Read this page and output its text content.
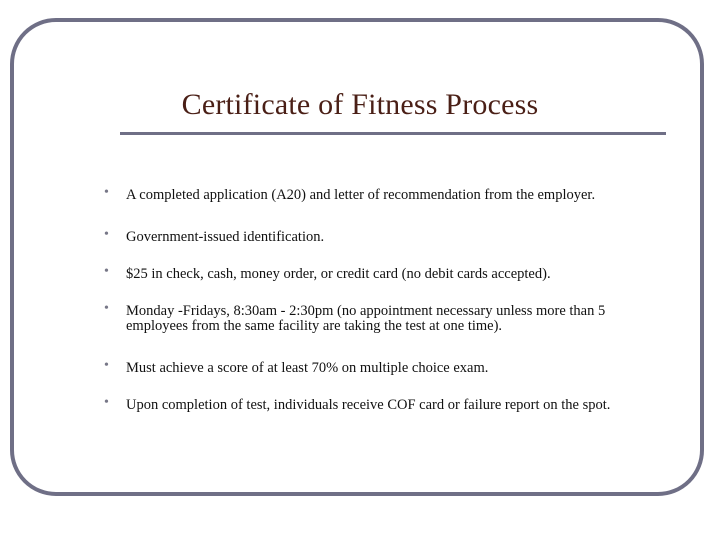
Certificate of Fitness Process
• A completed application (A20) and letter of recommendation from the employer.
• Government-issued identification.
• $25 in check, cash, money order, or credit card (no debit cards accepted).
• Monday -Fridays, 8:30am - 2:30pm (no appointment necessary unless more than 5 employees from the same facility are taking the test at one time).
• Must achieve a score of at least 70% on multiple choice exam.
• Upon completion of test, individuals receive COF card or failure report on the spot.
